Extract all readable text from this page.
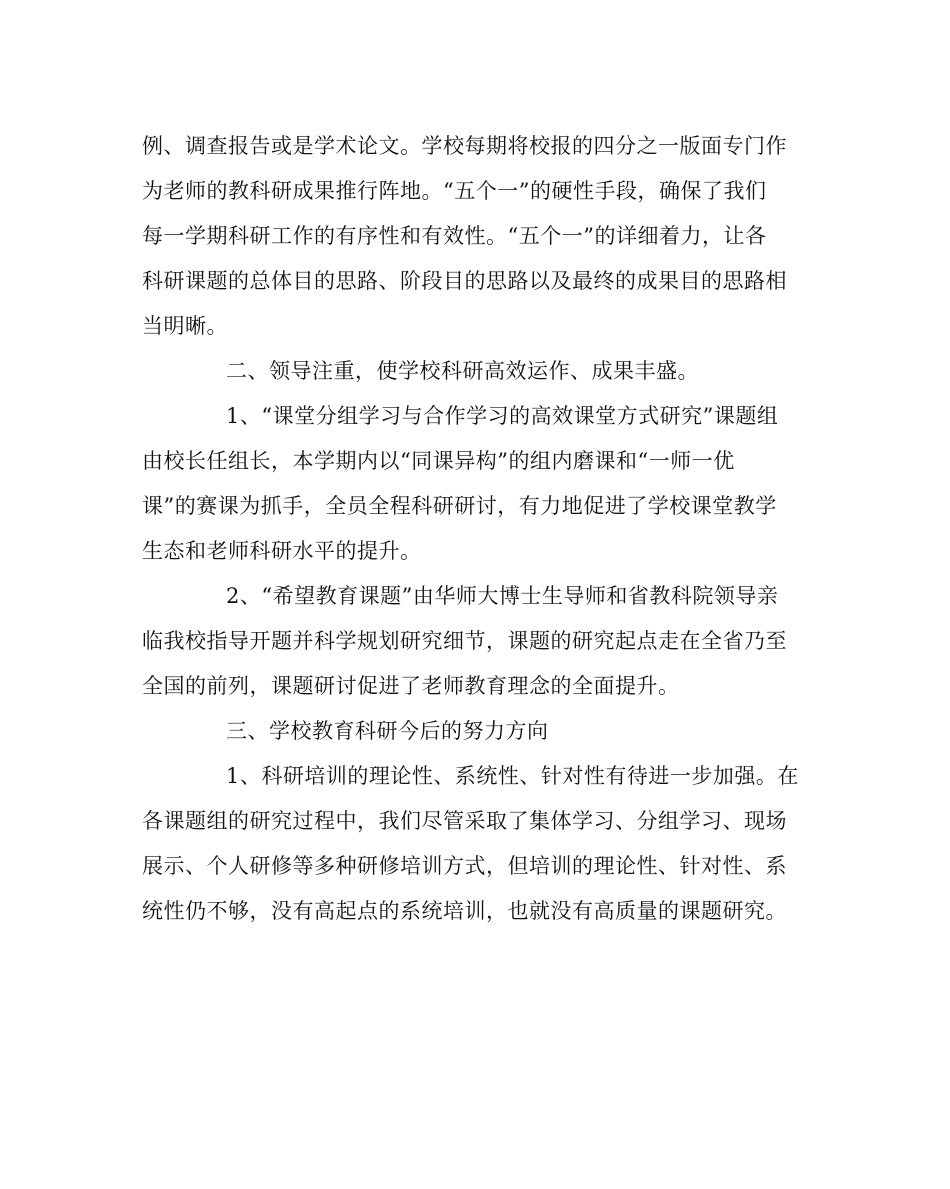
例、调查报告或是学术论文。学校每期将校报的四分之一版面专门作
为老师的教科研成果推行阵地。“五个一”的硬性手段，确保了我们
每一学期科研工作的有序性和有效性。“五个一”的详细着力，让各
科研课题的总体目的思路、阶段目的思路以及最终的成果目的思路相
当明晰。
二、领导注重，使学校科研高效运作、成果丰盛。
1、“课堂分组学习与合作学习的高效课堂方式研究”课题组
由校长任组长，本学期内以“同课异构”的组内磨课和“一师一优
课”的赛课为抓手，全员全程科研研讨，有力地促进了学校课堂教学
生态和老师科研水平的提升。
2、“希望教育课题”由华师大博士生导师和省教科院领导亲
临我校指导开题并科学规划研究细节，课题的研究起点走在全省乃至
全国的前列，课题研讨促进了老师教育理念的全面提升。
三、学校教育科研今后的努力方向
1、科研培训的理论性、系统性、针对性有待进一步加强。在
各课题组的研究过程中，我们尽管采取了集体学习、分组学习、现场
展示、个人研修等多种研修培训方式，但培训的理论性、针对性、系
统性仍不够，没有高起点的系统培训，也就没有高质量的课题研究。
